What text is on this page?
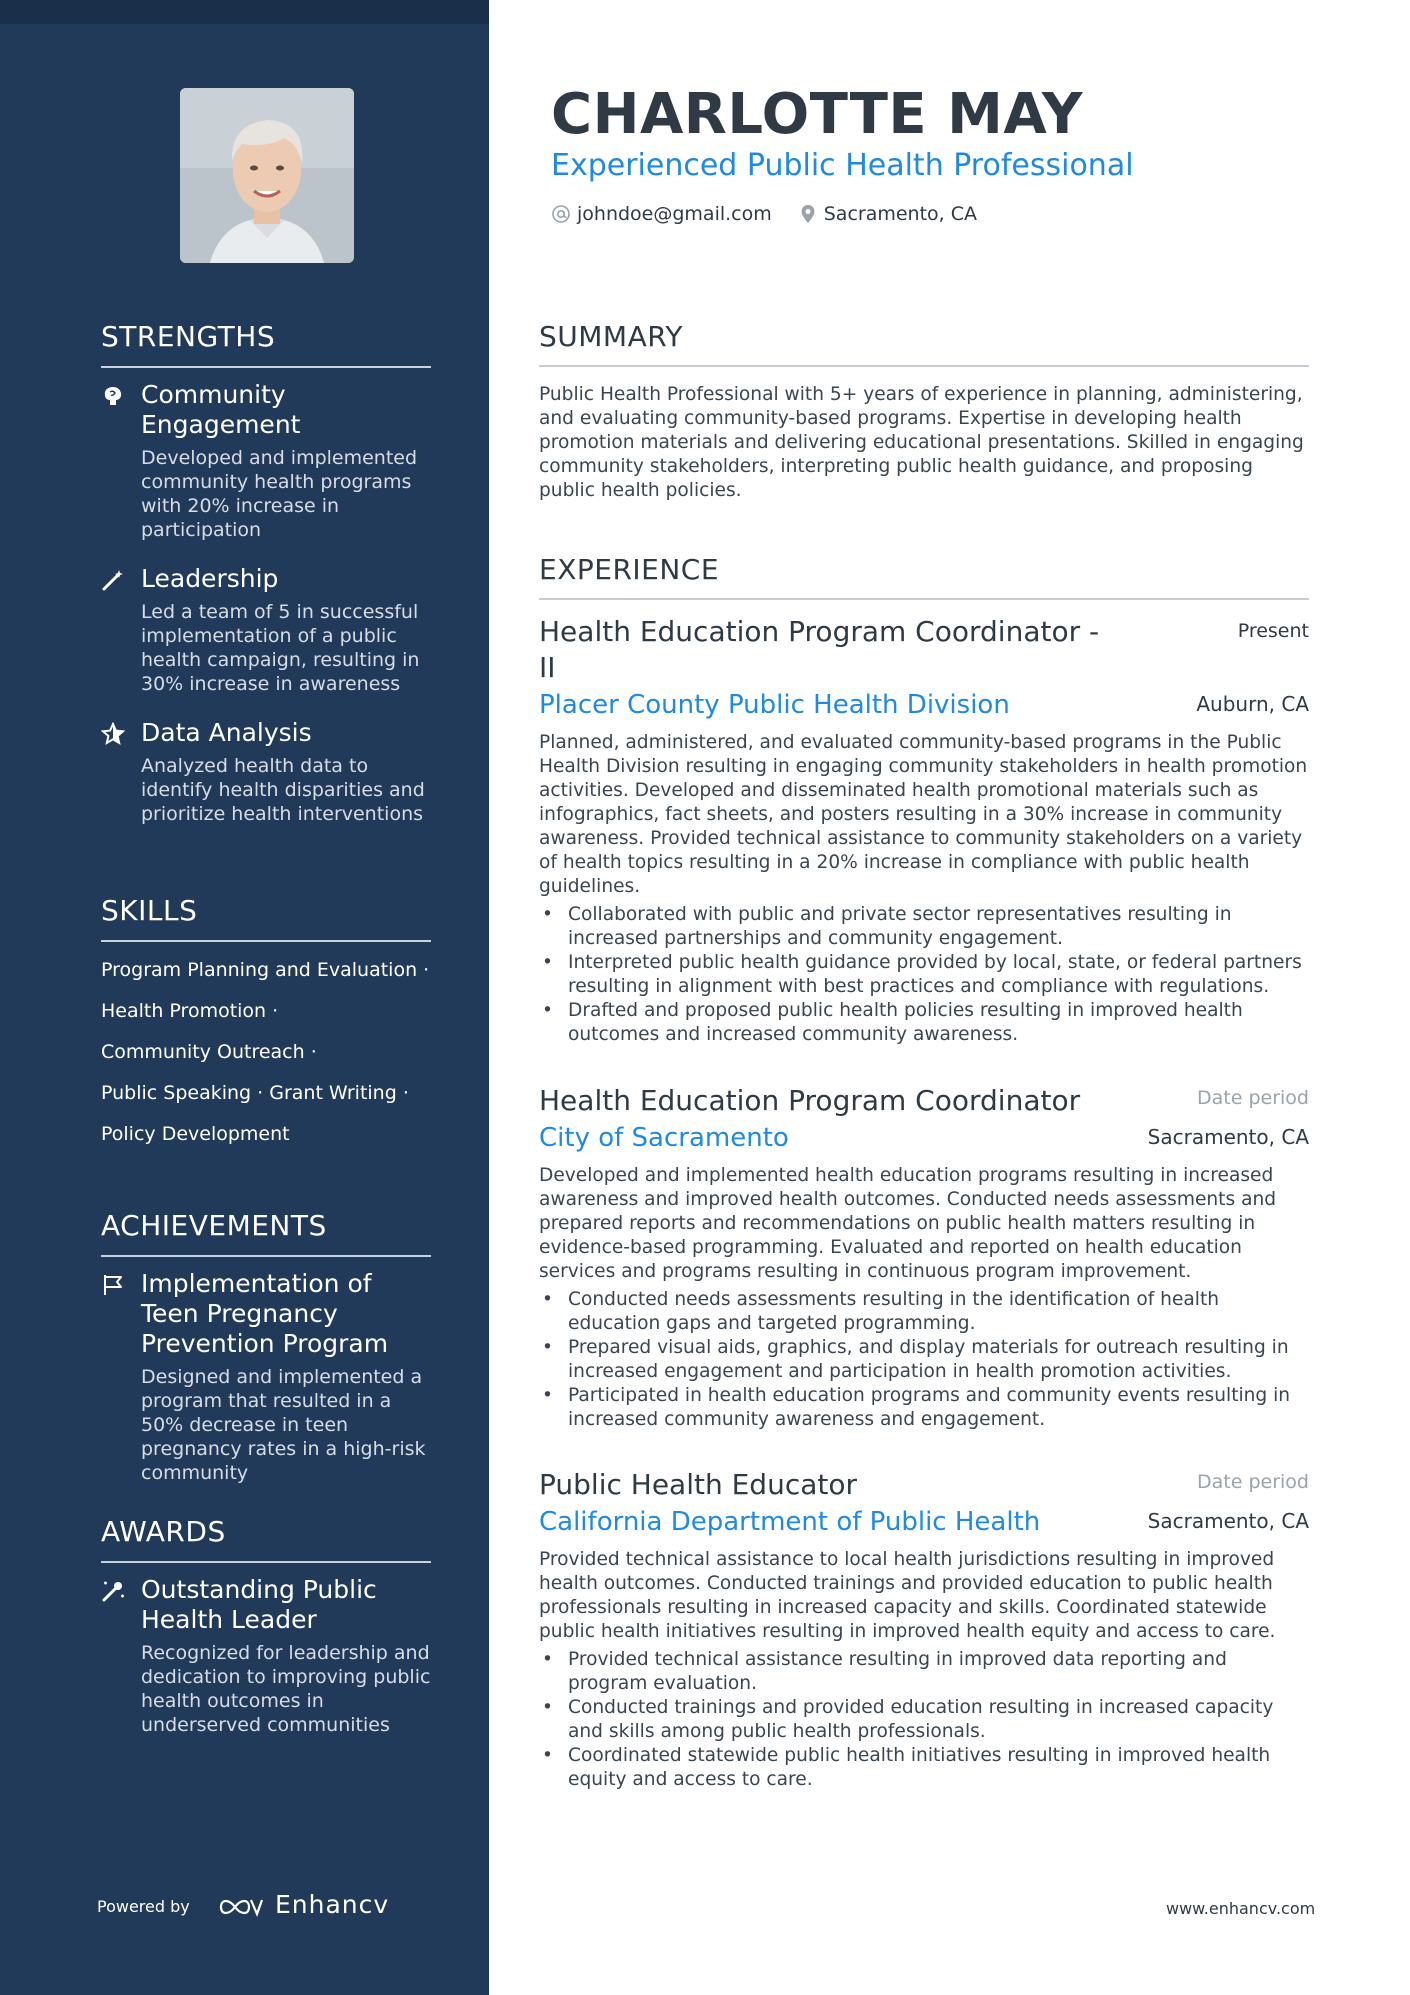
STRENGTHS
Community Engagement
Developed and implemented community health programs with 20% increase in participation
Leadership
Led a team of 5 in successful implementation of a public health campaign, resulting in 30% increase in awareness
Data Analysis
Analyzed health data to identify health disparities and prioritize health interventions
SKILLS
Program Planning and Evaluation ·
Health Promotion ·
Community Outreach ·
Public Speaking · Grant Writing ·
Policy Development
ACHIEVEMENTS
Implementation of Teen Pregnancy Prevention Program
Designed and implemented a program that resulted in a 50% decrease in teen pregnancy rates in a high-risk community
AWARDS
Outstanding Public Health Leader
Recognized for leadership and dedication to improving public health outcomes in underserved communities
Powered by	Enhancv
CHARLOTTE MAY
Experienced Public Health Professional
johndoe@gmail.com	Sacramento, CA
SUMMARY
Public Health Professional with 5+ years of experience in planning, administering, and evaluating community-based programs. Expertise in developing health promotion materials and delivering educational presentations. Skilled in engaging community stakeholders, interpreting public health guidance, and proposing public health policies.
EXPERIENCE
Health Education Program Coordinator - II
Present
Placer County Public Health Division	Auburn, CA
Planned, administered, and evaluated community-based programs in the Public Health Division resulting in engaging community stakeholders in health promotion activities. Developed and disseminated health promotional materials such as infographics, fact sheets, and posters resulting in a 30% increase in community awareness. Provided technical assistance to community stakeholders on a variety of health topics resulting in a 20% increase in compliance with public health guidelines.
• Collaborated with public and private sector representatives resulting in increased partnerships and community engagement.
• Interpreted public health guidance provided by local, state, or federal partners resulting in alignment with best practices and compliance with regulations.
• Drafted and proposed public health policies resulting in improved health outcomes and increased community awareness.
Health Education Program Coordinator	Date period
City of Sacramento	Sacramento, CA
Developed and implemented health education programs resulting in increased awareness and improved health outcomes. Conducted needs assessments and prepared reports and recommendations on public health matters resulting in evidence-based programming. Evaluated and reported on health education services and programs resulting in continuous program improvement.
• Conducted needs assessments resulting in the identification of health education gaps and targeted programming.
• Prepared visual aids, graphics, and display materials for outreach resulting in increased engagement and participation in health promotion activities.
• Participated in health education programs and community events resulting in increased community awareness and engagement.
Public Health Educator	Date period
California Department of Public Health	Sacramento, CA
Provided technical assistance to local health jurisdictions resulting in improved health outcomes. Conducted trainings and provided education to public health professionals resulting in increased capacity and skills. Coordinated statewide public health initiatives resulting in improved health equity and access to care.
• Provided technical assistance resulting in improved data reporting and program evaluation.
• Conducted trainings and provided education resulting in increased capacity and skills among public health professionals.
• Coordinated statewide public health initiatives resulting in improved health equity and access to care.
www.enhancv.com
